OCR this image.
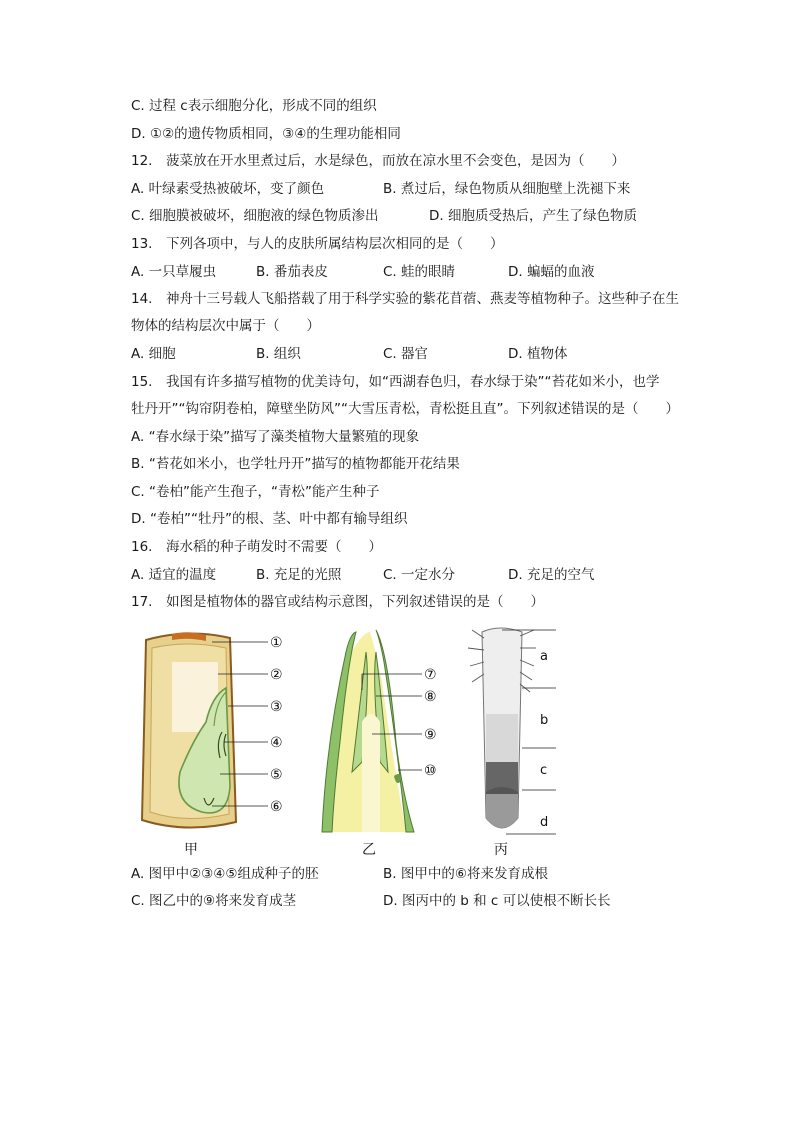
C. 过程 c表示细胞分化，形成不同的组织
D. ①②的遗传物质相同，③④的生理功能相同
12.　菠菜放在开水里煮过后，水是绿色，而放在凉水里不会变色，是因为（　　）
A. 叶绿素受热被破坏，变了颜色	B. 煮过后，绿色物质从细胞壁上洗褪下来
C. 细胞膜被破坏，细胞液的绿色物质渗出	D. 细胞质受热后，产生了绿色物质
13.　下列各项中，与人的皮肤所属结构层次相同的是（　　）
A. 一只草履虫	B. 番茄表皮	C. 蛙的眼睛	D. 蝙蝠的血液
14.　神舟十三号载人飞船搭载了用于科学实验的紫花苜蓿、燕麦等植物种子。这些种子在生
物体的结构层次中属于（　　）
A. 细胞	B. 组织	C. 器官	D. 植物体
15.　我国有许多描写植物的优美诗句，如“西湖春色归，春水绿于染”“苔花如米小，也学
牡丹开”“钩帘阴卷柏，障壁坐防风”“大雪压青松，青松挺且直”。下列叙述错误的是（　　）
A. “春水绿于染”描写了藻类植物大量繁殖的现象
B. “苔花如米小，也学牡丹开”描写的植物都能开花结果
C. “卷柏”能产生孢子，“青松”能产生种子
D. “卷柏”“牡丹”的根、茎、叶中都有输导组织
16.　海水稻的种子萌发时不需要（　　）
A. 适宜的温度	B. 充足的光照	C. 一定水分	D. 充足的空气
17.　如图是植物体的器官或结构示意图，下列叙述错误的是（　　）
①
②
③
④
⑤
⑥
⑦
⑧
⑨
⑩
a
b
c
d
甲	乙	丙
A. 图甲中②③④⑤组成种子的胚	B. 图甲中的⑥将来发育成根
C. 图乙中的⑨将来发育成茎	D. 图丙中的 b 和 c 可以使根不断长长
